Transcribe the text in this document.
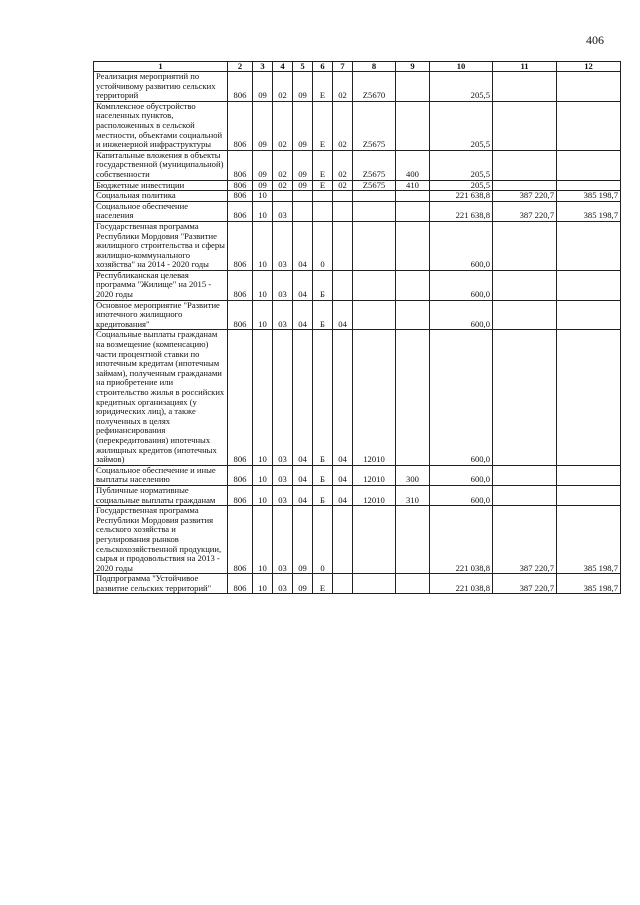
406
1	2	3	4	5	6	7	8	9	10	11	12
Реализация мероприятий по устойчивому развитию сельских территорий	806	09	02	09	Е	02	Z5670		205,5		
Комплексное обустройство населенных пунктов, расположенных в сельской местности, объектами социальной и инженерной инфраструктуры	806	09	02	09	Е	02	Z5675		205,5		
Капитальные вложения в объекты государственной (муниципальной) собственности	806	09	02	09	Е	02	Z5675	400	205,5		
Бюджетные инвестиции	806	09	02	09	Е	02	Z5675	410	205,5		
Социальная политика	806	10							221 638,8	387 220,7	385 198,7
Социальное обеспечение населения	806	10	03						221 638,8	387 220,7	385 198,7
Государственная программа Республики Мордовия "Развитие жилищного строительства и сферы жилищно-коммунального хозяйства" на 2014 - 2020 годы	806	10	03	04	0				600,0		
Республиканская целевая программа "Жилище" на 2015 - 2020 годы	806	10	03	04	Б				600,0		
Основное мероприятие "Развитие ипотечного жилищного кредитования"	806	10	03	04	Б	04			600,0		
Социальные выплаты гражданам на возмещение (компенсацию) части процентной ставки по ипотечным кредитам (ипотечным займам), полученным гражданами на приобретение или строительство жилья в российских кредитных организациях (у юридических лиц), а также полученных в целях рефинансирования (перекредитования) ипотечных жилищных кредитов (ипотечных займов)	806	10	03	04	Б	04	12010		600,0		
Социальное обеспечение и иные выплаты населению	806	10	03	04	Б	04	12010	300	600,0		
Публичные нормативные социальные выплаты гражданам	806	10	03	04	Б	04	12010	310	600,0		
Государственная программа Республики Мордовия развития сельского хозяйства и регулирования рынков сельскохозяйственной продукции, сырья и продовольствия на 2013 - 2020 годы	806	10	03	09	0				221 038,8	387 220,7	385 198,7
Подпрограмма "Устойчивое развитие сельских территорий"	806	10	03	09	Е				221 038,8	387 220,7	385 198,7
